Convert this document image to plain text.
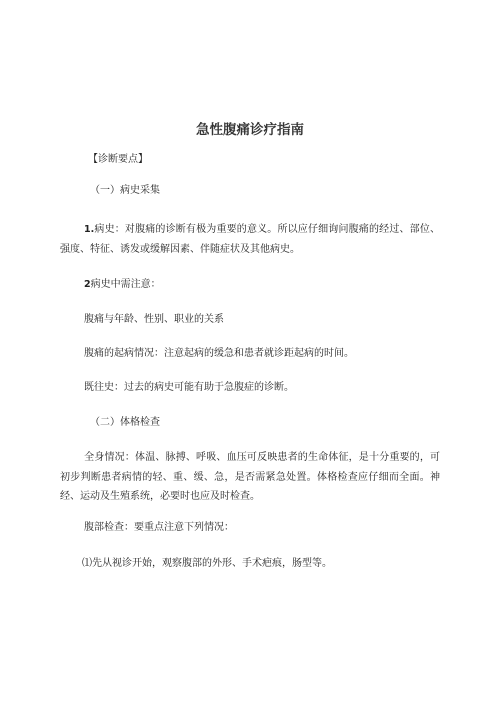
急性腹痛诊疗指南
【诊断要点】
（一）病史采集
1.病史：对腹痛的诊断有极为重要的意义。所以应仔细询问腹痛的经过、部位、强度、特征、诱发或缓解因素、伴随症状及其他病史。
2病史中需注意：
腹痛与年龄、性别、职业的关系
腹痛的起病情况：注意起病的缓急和患者就诊距起病的时间。
既往史：过去的病史可能有助于急腹症的诊断。
（二）体格检查
全身情况：体温、脉搏、呼吸、血压可反映患者的生命体征，是十分重要的，可初步判断患者病情的轻、重、缓、急，是否需紧急处置。体格检查应仔细而全面。神经、运动及生殖系统，必要时也应及时检查。
腹部检查：要重点注意下列情况：
⑴先从视诊开始，观察腹部的外形、手术疤痕，肠型等。
